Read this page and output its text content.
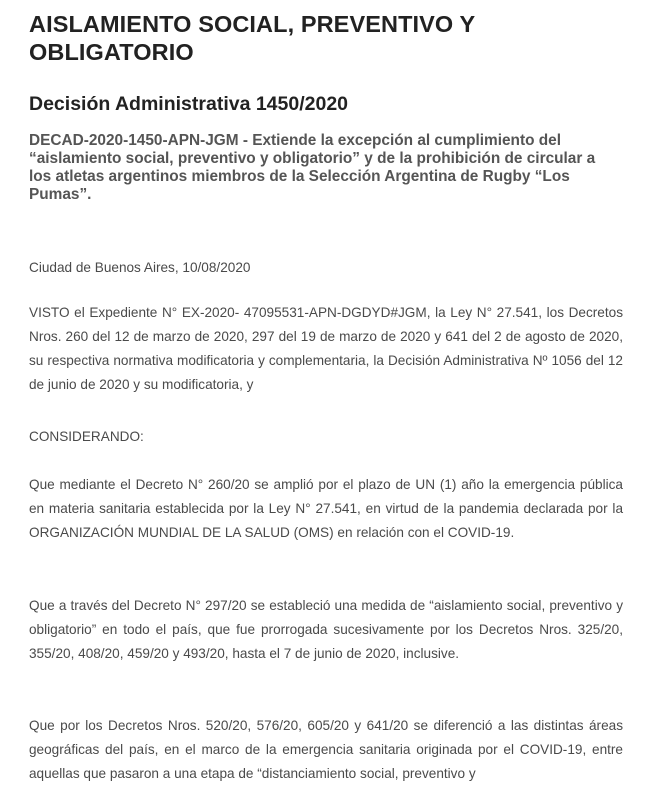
AISLAMIENTO SOCIAL, PREVENTIVO Y OBLIGATORIO
Decisión Administrativa 1450/2020

DECAD-2020-1450-APN-JGM - Extiende la excepción al cumplimiento del “aislamiento social, preventivo y obligatorio” y de la prohibición de circular a los atletas argentinos miembros de la Selección Argentina de Rugby “Los Pumas”.

Ciudad de Buenos Aires, 10/08/2020

VISTO el Expediente N° EX-2020- 47095531-APN-DGDYD#JGM, la Ley N° 27.541, los Decretos Nros. 260 del 12 de marzo de 2020, 297 del 19 de marzo de 2020 y 641 del 2 de agosto de 2020, su respectiva normativa modificatoria y complementaria, la Decisión Administrativa Nº 1056 del 12 de junio de 2020 y su modificatoria, y

CONSIDERANDO:

Que mediante el Decreto N° 260/20 se amplió por el plazo de UN (1) año la emergencia pública en materia sanitaria establecida por la Ley N° 27.541, en virtud de la pandemia declarada por la ORGANIZACIÓN MUNDIAL DE LA SALUD (OMS) en relación con el COVID-19.

Que a través del Decreto N° 297/20 se estableció una medida de “aislamiento social, preventivo y obligatorio” en todo el país, que fue prorrogada sucesivamente por los Decretos Nros. 325/20, 355/20, 408/20, 459/20 y 493/20, hasta el 7 de junio de 2020, inclusive.

Que por los Decretos Nros. 520/20, 576/20, 605/20 y 641/20 se diferenció a las distintas áreas geográficas del país, en el marco de la emergencia sanitaria originada por el COVID-19, entre aquellas que pasaron a una etapa de “distanciamiento social, preventivo y
